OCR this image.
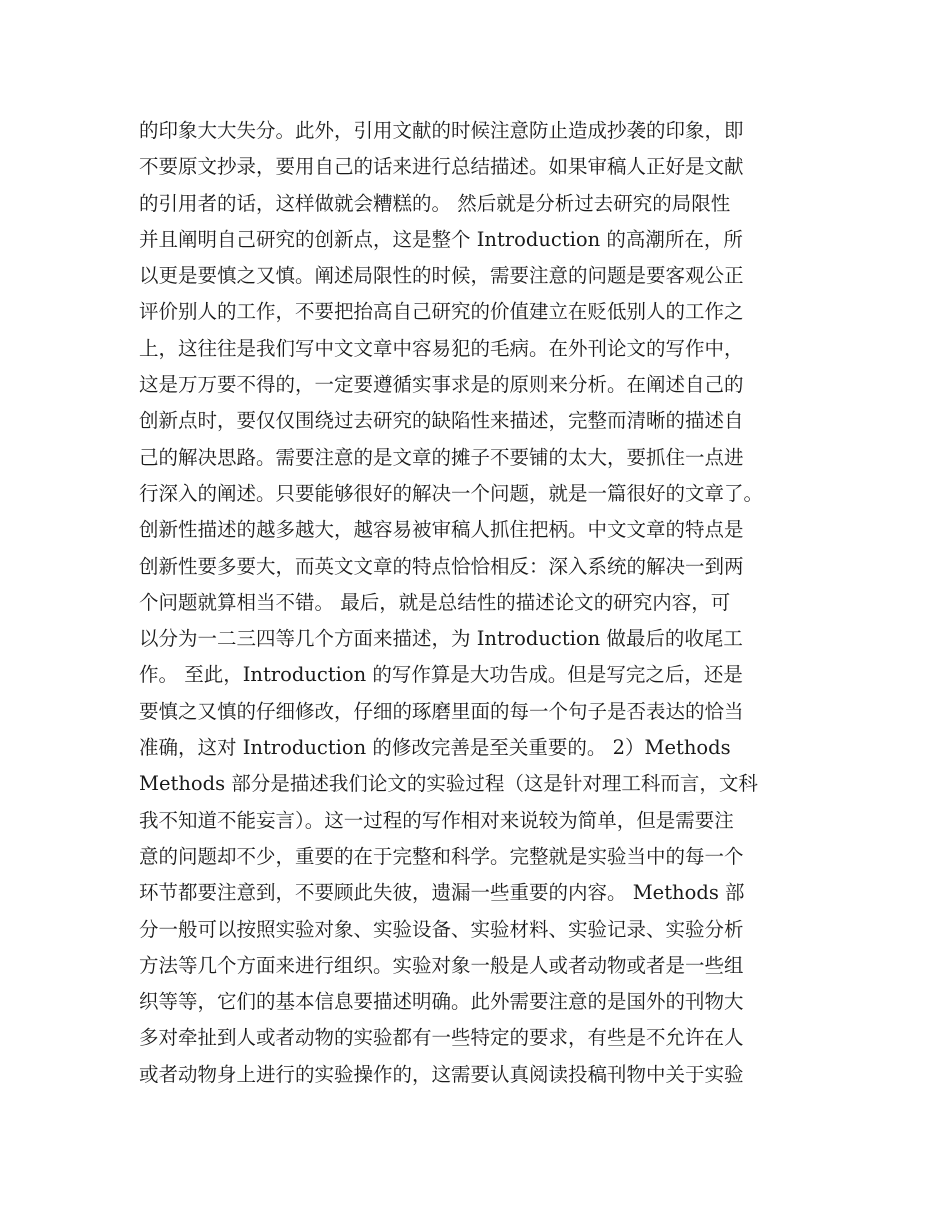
的印象大大失分。此外，引用文献的时候注意防止造成抄袭的印象，即
不要原文抄录，要用自己的话来进行总结描述。如果审稿人正好是文献
的引用者的话，这样做就会糟糕的。 然后就是分析过去研究的局限性
并且阐明自己研究的创新点，这是整个 Introduction 的高潮所在，所
以更是要慎之又慎。阐述局限性的时候，需要注意的问题是要客观公正
评价别人的工作，不要把抬高自己研究的价值建立在贬低别人的工作之
上，这往往是我们写中文文章中容易犯的毛病。在外刊论文的写作中，
这是万万要不得的，一定要遵循实事求是的原则来分析。在阐述自己的
创新点时，要仅仅围绕过去研究的缺陷性来描述，完整而清晰的描述自
己的解决思路。需要注意的是文章的摊子不要铺的太大，要抓住一点进
行深入的阐述。只要能够很好的解决一个问题，就是一篇很好的文章了。
创新性描述的越多越大，越容易被审稿人抓住把柄。中文文章的特点是
创新性要多要大，而英文文章的特点恰恰相反：深入系统的解决一到两
个问题就算相当不错。 最后，就是总结性的描述论文的研究内容，可
以分为一二三四等几个方面来描述，为 Introduction 做最后的收尾工
作。 至此，Introduction 的写作算是大功告成。但是写完之后，还是
要慎之又慎的仔细修改，仔细的琢磨里面的每一个句子是否表达的恰当
准确，这对 Introduction 的修改完善是至关重要的。 2）Methods
Methods 部分是描述我们论文的实验过程（这是针对理工科而言，文科
我不知道不能妄言）。这一过程的写作相对来说较为简单，但是需要注
意的问题却不少，重要的在于完整和科学。完整就是实验当中的每一个
环节都要注意到，不要顾此失彼，遗漏一些重要的内容。 Methods 部
分一般可以按照实验对象、实验设备、实验材料、实验记录、实验分析
方法等几个方面来进行组织。实验对象一般是人或者动物或者是一些组
织等等，它们的基本信息要描述明确。此外需要注意的是国外的刊物大
多对牵扯到人或者动物的实验都有一些特定的要求，有些是不允许在人
或者动物身上进行的实验操作的，这需要认真阅读投稿刊物中关于实验
